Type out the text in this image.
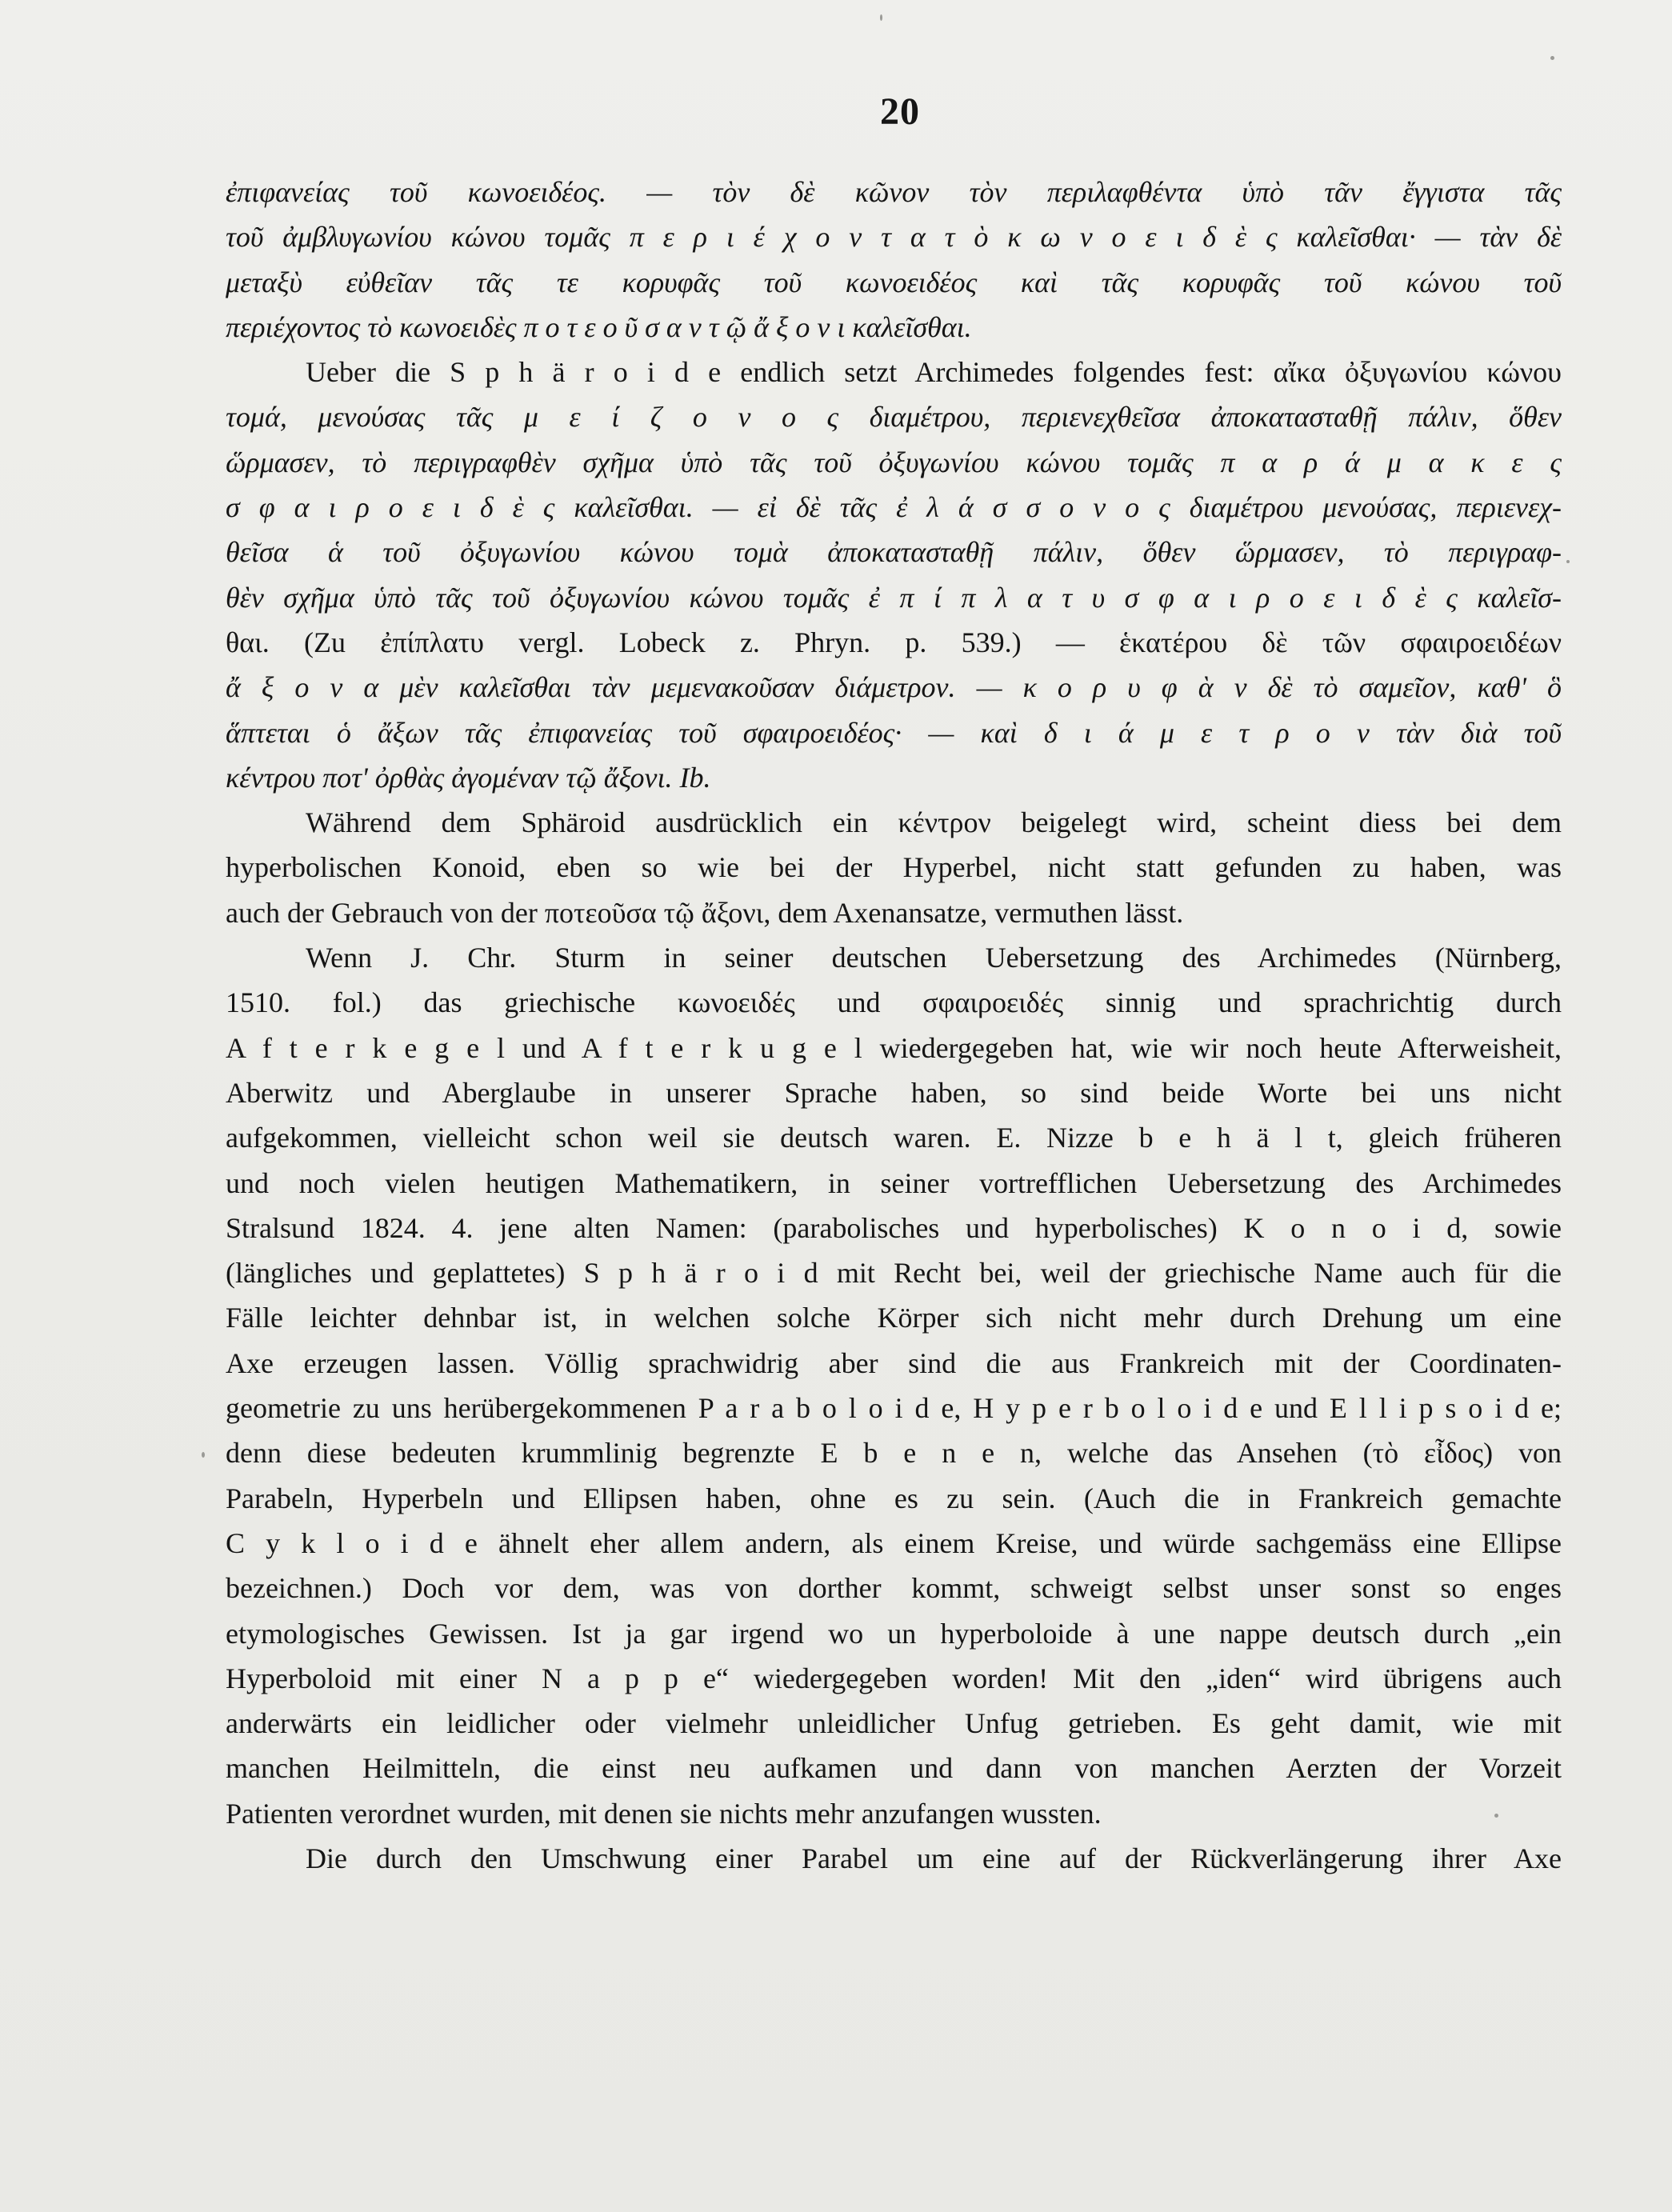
20
ἐπιφανείας τοῦ κωνοειδέος. — τὸν δὲ κῶνον τὸν περιλαφθέντα ὑπὸ τᾶν ἔγγιστα τᾶς
τοῦ ἀμβλυγωνίου κώνου τομᾶς π ε ρ ι έ χ ο ν τ α τ ὸ κ ω ν ο ε ι δ ὲ ς καλεῖσθαι· — τὰν δὲ
μεταξὺ εὐθεῖαν τᾶς τε κορυφᾶς τοῦ κωνοειδέος καὶ τᾶς κορυφᾶς τοῦ κώνου τοῦ
περιέχοντος τὸ κωνοειδὲς π ο τ ε ο ῦ σ α ν τ ῷ ἄ ξ ο ν ι καλεῖσθαι.
Ueber die S p h ä r o i d e endlich setzt Archimedes folgendes fest: αἴκα ὀξυγωνίου κώνου
τομά, μενούσας τᾶς μ ε ί ζ ο ν ο ς διαμέτρου, περιενεχθεῖσα ἀποκατασταθῇ πάλιν, ὅθεν
ὥρμασεν, τὸ περιγραφθὲν σχῆμα ὑπὸ τᾶς τοῦ ὀξυγωνίου κώνου τομᾶς π α ρ ά μ α κ ε ς
σ φ α ι ρ ο ε ι δ ὲ ς καλεῖσθαι. — εἰ δὲ τᾶς ἐ λ ά σ σ ο ν ο ς διαμέτρου μενούσας, περιενεχ-
θεῖσα ἁ τοῦ ὀξυγωνίου κώνου τομὰ ἀποκατασταθῇ πάλιν, ὅθεν ὥρμασεν, τὸ περιγραφ-
θὲν σχῆμα ὑπὸ τᾶς τοῦ ὀξυγωνίου κώνου τομᾶς ἐ π ί π λ α τ υ σ φ α ι ρ ο ε ι δ ὲ ς καλεῖσ-
θαι. (Zu ἐπίπλατυ vergl. Lobeck z. Phryn. p. 539.) — ἑκατέρου δὲ τῶν σφαιροειδέων
ἄ ξ ο ν α μὲν καλεῖσθαι τὰν μεμενακοῦσαν διάμετρον. — κ ο ρ υ φ ὰ ν δὲ τὸ σαμεῖον, καθ' ὃ
ἅπτεται ὁ ἄξων τᾶς ἐπιφανείας τοῦ σφαιροειδέος· — καὶ δ ι ά μ ε τ ρ ο ν τὰν διὰ τοῦ
κέντρου ποτ' ὀρθὰς ἀγομέναν τῷ ἄξονι. Ib.
Während dem Sphäroid ausdrücklich ein κέντρον beigelegt wird, scheint diess bei dem
hyperbolischen Konoid, eben so wie bei der Hyperbel, nicht statt gefunden zu haben, was
auch der Gebrauch von der ποτεοῦσα τῷ ἄξονι, dem Axenansatze, vermuthen lässt.
Wenn J. Chr. Sturm in seiner deutschen Uebersetzung des Archimedes (Nürnberg,
1510. fol.) das griechische κωνοειδές und σφαιροειδές sinnig und sprachrichtig durch
A f t e r k e g e l und A f t e r k u g e l wiedergegeben hat, wie wir noch heute Afterweisheit,
Aberwitz und Aberglaube in unserer Sprache haben, so sind beide Worte bei uns nicht
aufgekommen, vielleicht schon weil sie deutsch waren. E. Nizze b e h ä l t, gleich früheren
und noch vielen heutigen Mathematikern, in seiner vortrefflichen Uebersetzung des Archimedes
Stralsund 1824. 4. jene alten Namen: (parabolisches und hyperbolisches) K o n o i d, sowie
(längliches und geplattetes) S p h ä r o i d mit Recht bei, weil der griechische Name auch für die
Fälle leichter dehnbar ist, in welchen solche Körper sich nicht mehr durch Drehung um eine
Axe erzeugen lassen. Völlig sprachwidrig aber sind die aus Frankreich mit der Coordinaten-
geometrie zu uns herübergekommenen P a r a b o l o i d e, H y p e r b o l o i d e und E l l i p s o i d e;
denn diese bedeuten krummlinig begrenzte E b e n e n, welche das Ansehen (τὸ εἶδος) von
Parabeln, Hyperbeln und Ellipsen haben, ohne es zu sein. (Auch die in Frankreich gemachte
C y k l o i d e ähnelt eher allem andern, als einem Kreise, und würde sachgemäss eine Ellipse
bezeichnen.) Doch vor dem, was von dorther kommt, schweigt selbst unser sonst so enges
etymologisches Gewissen. Ist ja gar irgend wo un hyperboloide à une nappe deutsch durch „ein
Hyperboloid mit einer N a p p e“ wiedergegeben worden! Mit den „iden“ wird übrigens auch
anderwärts ein leidlicher oder vielmehr unleidlicher Unfug getrieben. Es geht damit, wie mit
manchen Heilmitteln, die einst neu aufkamen und dann von manchen Aerzten der Vorzeit
Patienten verordnet wurden, mit denen sie nichts mehr anzufangen wussten.
Die durch den Umschwung einer Parabel um eine auf der Rückverlängerung ihrer Axe
